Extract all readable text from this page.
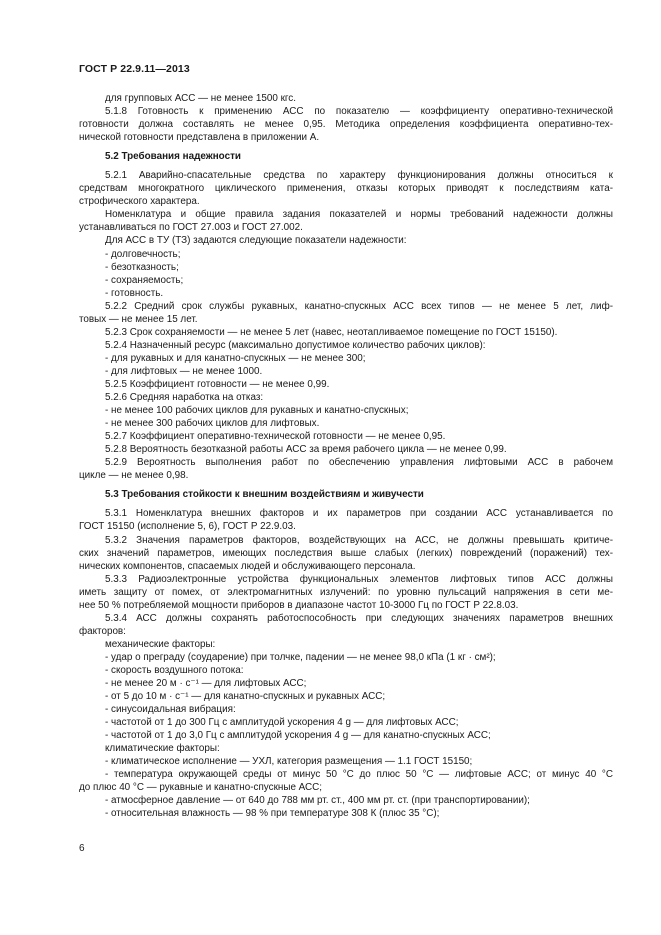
ГОСТ Р 22.9.11—2013
для групповых АСС — не менее 1500 кгс.
5.1.8 Готовность к применению АСС по показателю — коэффициенту оперативно-технической
готовности должна составлять не менее 0,95. Методика определения коэффициента оперативно-тех-
нической готовности представлена в приложении А.
5.2 Требования надежности
5.2.1 Аварийно-спасательные средства по характеру функционирования должны относиться к
средствам многократного циклического применения, отказы которых приводят к последствиям ката-
строфического характера.
Номенклатура и общие правила задания показателей и нормы требований надежности должны
устанавливаться по ГОСТ 27.003 и ГОСТ 27.002.
Для АСС в ТУ (ТЗ) задаются следующие показатели надежности:
- долговечность;
- безотказность;
- сохраняемость;
- готовность.
5.2.2 Средний срок службы рукавных, канатно-спускных АСС всех типов — не менее 5 лет, лиф-
товых — не менее 15 лет.
5.2.3 Срок сохраняемости — не менее 5 лет (навес, неотапливаемое помещение по ГОСТ 15150).
5.2.4 Назначенный ресурс (максимально допустимое количество рабочих циклов):
- для рукавных и для канатно-спускных — не менее 300;
- для лифтовых — не менее 1000.
5.2.5 Коэффициент готовности — не менее 0,99.
5.2.6 Средняя наработка на отказ:
- не менее 100 рабочих циклов для рукавных и канатно-спускных;
- не менее 300 рабочих циклов для лифтовых.
5.2.7 Коэффициент оперативно-технической готовности — не менее 0,95.
5.2.8 Вероятность безотказной работы АСС за время рабочего цикла — не менее 0,99.
5.2.9 Вероятность выполнения работ по обеспечению управления лифтовыми АСС в рабочем
цикле — не менее 0,98.
5.3 Требования стойкости к внешним воздействиям и живучести
5.3.1 Номенклатура внешних факторов и их параметров при создании АСС устанавливается по
ГОСТ 15150 (исполнение 5, 6), ГОСТ Р 22.9.03.
5.3.2 Значения параметров факторов, воздействующих на АСС, не должны превышать критиче-
ских значений параметров, имеющих последствия выше слабых (легких) повреждений (поражений) тех-
нических компонентов, спасаемых людей и обслуживающего персонала.
5.3.3 Радиоэлектронные устройства функциональных элементов лифтовых типов АСС должны
иметь защиту от помех, от электромагнитных излучений: по уровню пульсаций напряжения в сети ме-
нее 50 % потребляемой мощности приборов в диапазоне частот 10-3000 Гц по ГОСТ Р 22.8.03.
5.3.4 АСС должны сохранять работоспособность при следующих значениях параметров внешних
факторов:
механические факторы:
- удар о преграду (соударение) при толчке, падении — не менее 98,0 кПа (1 кг · см²);
- скорость воздушного потока:
- не менее 20 м · с⁻¹ — для лифтовых АСС;
- от 5 до 10 м · с⁻¹ — для канатно-спускных и рукавных АСС;
- синусоидальная вибрация:
- частотой от 1 до 300 Гц с амплитудой ускорения 4 g — для лифтовых АСС;
- частотой от 1 до 3,0 Гц с амплитудой ускорения 4 g — для канатно-спускных АСС;
климатические факторы:
- климатическое исполнение — УХЛ, категория размещения — 1.1 ГОСТ 15150;
- температура окружающей среды от минус 50 °С до плюс 50 °С — лифтовые АСС; от минус 40 °С
до плюс 40 °С — рукавные и канатно-спускные АСС;
- атмосферное давление — от 640 до 788 мм рт. ст., 400 мм рт. ст. (при транспортировании);
- относительная влажность — 98 % при температуре 308 К (плюс 35 °С);
6
